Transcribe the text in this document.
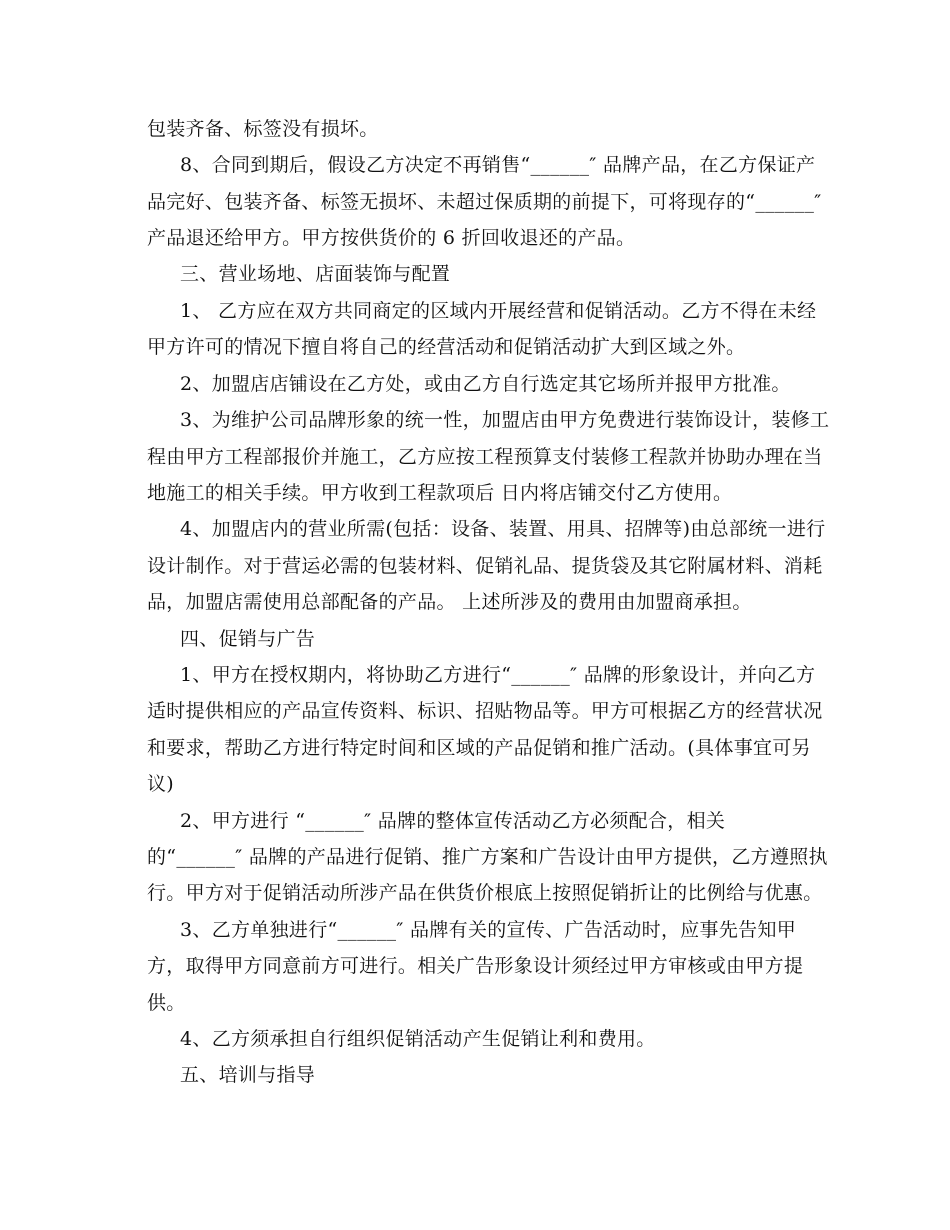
包装齐备、标签没有损坏。
8、合同到期后，假设乙方决定不再销售“______″ 品牌产品，在乙方保证产
品完好、包装齐备、标签无损坏、未超过保质期的前提下，可将现存的“______″
产品退还给甲方。甲方按供货价的 6 折回收退还的产品。
三、营业场地、店面装饰与配置
1、 乙方应在双方共同商定的区域内开展经营和促销活动。乙方不得在未经
甲方许可的情况下擅自将自己的经营活动和促销活动扩大到区域之外。
2、加盟店店铺设在乙方处，或由乙方自行选定其它场所并报甲方批准。
3、为维护公司品牌形象的统一性，加盟店由甲方免费进行装饰设计，装修工
程由甲方工程部报价并施工，乙方应按工程预算支付装修工程款并协助办理在当
地施工的相关手续。甲方收到工程款项后 日内将店铺交付乙方使用。
4、加盟店内的营业所需(包括：设备、装置、用具、招牌等)由总部统一进行
设计制作。对于营运必需的包装材料、促销礼品、提货袋及其它附属材料、消耗
品，加盟店需使用总部配备的产品。 上述所涉及的费用由加盟商承担。
四、促销与广告
1、甲方在授权期内，将协助乙方进行“______″ 品牌的形象设计，并向乙方
适时提供相应的产品宣传资料、标识、招贴物品等。甲方可根据乙方的经营状况
和要求，帮助乙方进行特定时间和区域的产品促销和推广活动。(具体事宜可另
议)
2、甲方进行 “______″ 品牌的整体宣传活动乙方必须配合，相关
的“______″ 品牌的产品进行促销、推广方案和广告设计由甲方提供，乙方遵照执
行。甲方对于促销活动所涉产品在供货价根底上按照促销折让的比例给与优惠。
3、乙方单独进行“______″ 品牌有关的宣传、广告活动时，应事先告知甲
方，取得甲方同意前方可进行。相关广告形象设计须经过甲方审核或由甲方提
供。
4、乙方须承担自行组织促销活动产生促销让利和费用。
五、培训与指导
